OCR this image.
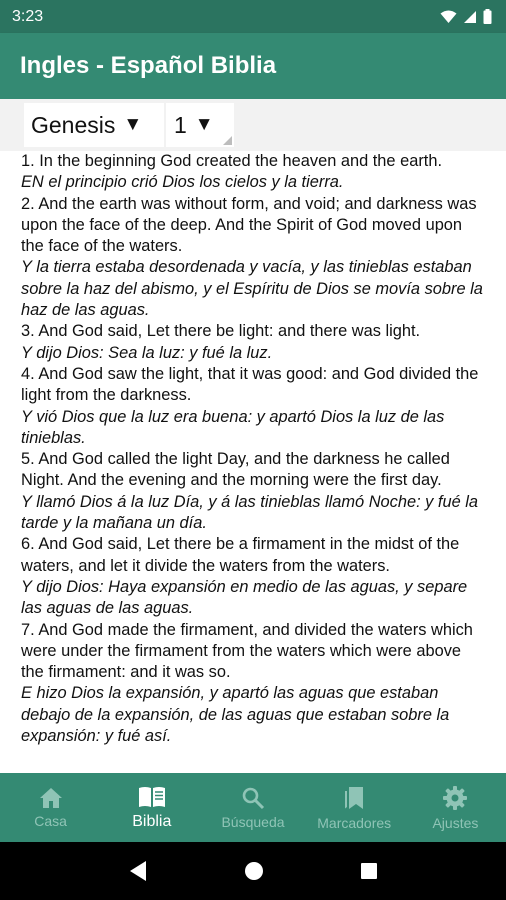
3:23
Ingles - Español Biblia
Genesis ▼ 1 ▼
1. In the beginning God created the heaven and the earth.
EN el principio crió Dios los cielos y la tierra.
2. And the earth was without form, and void; and darkness was upon the face of the deep. And the Spirit of God moved upon the face of the waters.
Y la tierra estaba desordenada y vacía, y las tinieblas estaban sobre la haz del abismo, y el Espíritu de Dios se movía sobre la haz de las aguas.
3. And God said, Let there be light: and there was light.
Y dijo Dios: Sea la luz: y fué la luz.
4. And God saw the light, that it was good: and God divided the light from the darkness.
Y vió Dios que la luz era buena: y apartó Dios la luz de las tinieblas.
5. And God called the light Day, and the darkness he called Night. And the evening and the morning were the first day.
Y llamó Dios á la luz Día, y á las tinieblas llamó Noche: y fué la tarde y la mañana un día.
6. And God said, Let there be a firmament in the midst of the waters, and let it divide the waters from the waters.
Y dijo Dios: Haya expansión en medio de las aguas, y separe las aguas de las aguas.
7. And God made the firmament, and divided the waters which were under the firmament from the waters which were above the firmament: and it was so.
E hizo Dios la expansión, y apartó las aguas que estaban debajo de la expansión, de las aguas que estaban sobre la expansión: y fué así.
Casa	Biblia	Búsqueda Marcadores	Ajustes
